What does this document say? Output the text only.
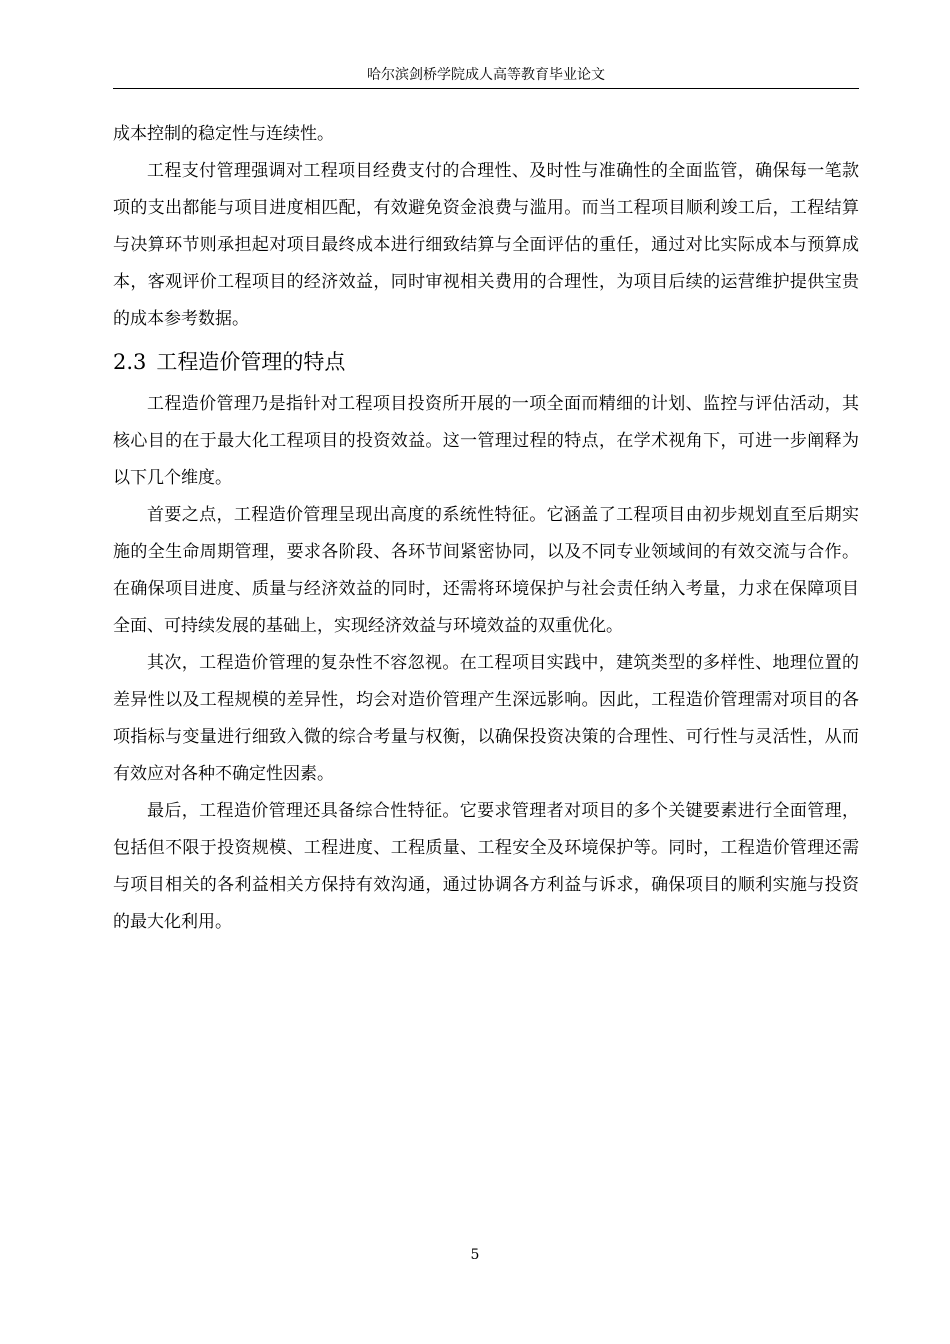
哈尔滨剑桥学院成人高等教育毕业论文

成本控制的稳定性与连续性。

工程支付管理强调对工程项目经费支付的合理性、及时性与准确性的全面监管，确保每一笔款项的支出都能与项目进度相匹配，有效避免资金浪费与滥用。而当工程项目顺利竣工后，工程结算与决算环节则承担起对项目最终成本进行细致结算与全面评估的重任，通过对比实际成本与预算成本，客观评价工程项目的经济效益，同时审视相关费用的合理性，为项目后续的运营维护提供宝贵的成本参考数据。

2.3 工程造价管理的特点

工程造价管理乃是指针对工程项目投资所开展的一项全面而精细的计划、监控与评估活动，其核心目的在于最大化工程项目的投资效益。这一管理过程的特点，在学术视角下，可进一步阐释为以下几个维度。

首要之点，工程造价管理呈现出高度的系统性特征。它涵盖了工程项目由初步规划直至后期实施的全生命周期管理，要求各阶段、各环节间紧密协同，以及不同专业领域间的有效交流与合作。在确保项目进度、质量与经济效益的同时，还需将环境保护与社会责任纳入考量，力求在保障项目全面、可持续发展的基础上，实现经济效益与环境效益的双重优化。

其次，工程造价管理的复杂性不容忽视。在工程项目实践中，建筑类型的多样性、地理位置的差异性以及工程规模的差异性，均会对造价管理产生深远影响。因此，工程造价管理需对项目的各项指标与变量进行细致入微的综合考量与权衡，以确保投资决策的合理性、可行性与灵活性，从而有效应对各种不确定性因素。

最后，工程造价管理还具备综合性特征。它要求管理者对项目的多个关键要素进行全面管理，包括但不限于投资规模、工程进度、工程质量、工程安全及环境保护等。同时，工程造价管理还需与项目相关的各利益相关方保持有效沟通，通过协调各方利益与诉求，确保项目的顺利实施与投资的最大化利用。

5
